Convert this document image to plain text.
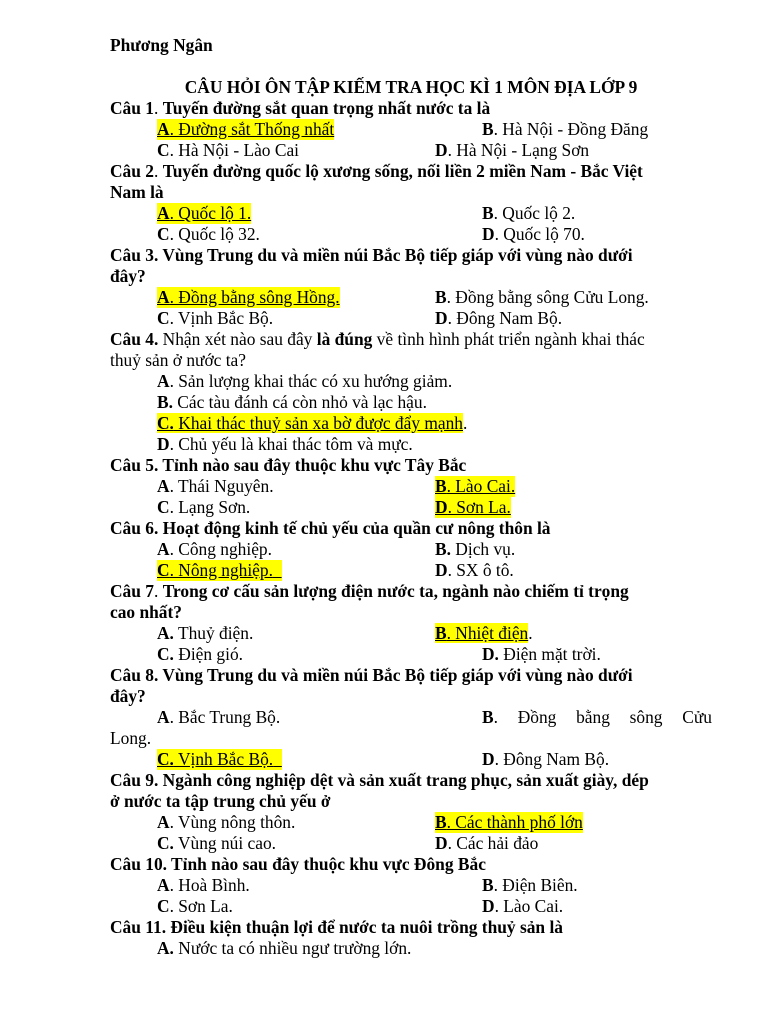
Phương Ngân
CÂU HỎI ÔN TẬP KIẾM TRA HỌC KÌ 1 MÔN ĐỊA LỚP 9
Câu 1. Tuyến đường sắt quan trọng nhất nước ta là
A. Đường sắt Thống nhất	B. Hà Nội - Đồng Đăng
C. Hà Nội - Lào Cai	D. Hà Nội - Lạng Sơn
Câu 2. Tuyến đường quốc lộ xương sống, nối liền 2 miền Nam - Bắc Việt
Nam là
A. Quốc lộ 1.	B. Quốc lộ 2.
C. Quốc lộ 32.	D. Quốc lộ 70.
Câu 3. Vùng Trung du và miền núi Bắc Bộ tiếp giáp với vùng nào dưới
đây?
A. Đồng bằng sông Hồng.	B. Đồng bằng sông Cửu Long.
C. Vịnh Bắc Bộ.	D. Đông Nam Bộ.
Câu 4. Nhận xét nào sau đây là đúng về tình hình phát triển ngành khai thác
thuỷ sản ở nước ta?
A. Sản lượng khai thác có xu hướng giảm.
B. Các tàu đánh cá còn nhỏ và lạc hậu.
C. Khai thác thuỷ sản xa bờ được đẩy mạnh.
D. Chủ yếu là khai thác tôm và mực.
Câu 5. Tỉnh nào sau đây thuộc khu vực Tây Bắc
A. Thái Nguyên.	B. Lào Cai.
C. Lạng Sơn.	D. Sơn La.
Câu 6. Hoạt động kinh tế chủ yếu của quần cư nông thôn là
A. Công nghiệp.	B. Dịch vụ.
C. Nông nghiệp.	D. SX ô tô.
Câu 7. Trong cơ cấu sản lượng điện nước ta, ngành nào chiếm tỉ trọng
cao nhất?
A. Thuỷ điện.	B. Nhiệt điện.
C. Điện gió.	D. Điện mặt trời.
Câu 8. Vùng Trung du và miền núi Bắc Bộ tiếp giáp với vùng nào dưới
đây?
A. Bắc Trung Bộ.	B. Đồng bằng sông Cửu
Long.
C. Vịnh Bắc Bộ.	D. Đông Nam Bộ.
Câu 9. Ngành công nghiệp dệt và sản xuất trang phục, sản xuất giày, dép
ở nước ta tập trung chủ yếu ở
A. Vùng nông thôn.	B. Các thành phố lớn
C. Vùng núi cao.	D. Các hải đảo
Câu 10. Tỉnh nào sau đây thuộc khu vực Đông Bắc
A. Hoà Bình.	B. Điện Biên.
C. Sơn La.	D. Lào Cai.
Câu 11. Điều kiện thuận lợi để nước ta nuôi trồng thuỷ sản là
A. Nước ta có nhiều ngư trường lớn.
